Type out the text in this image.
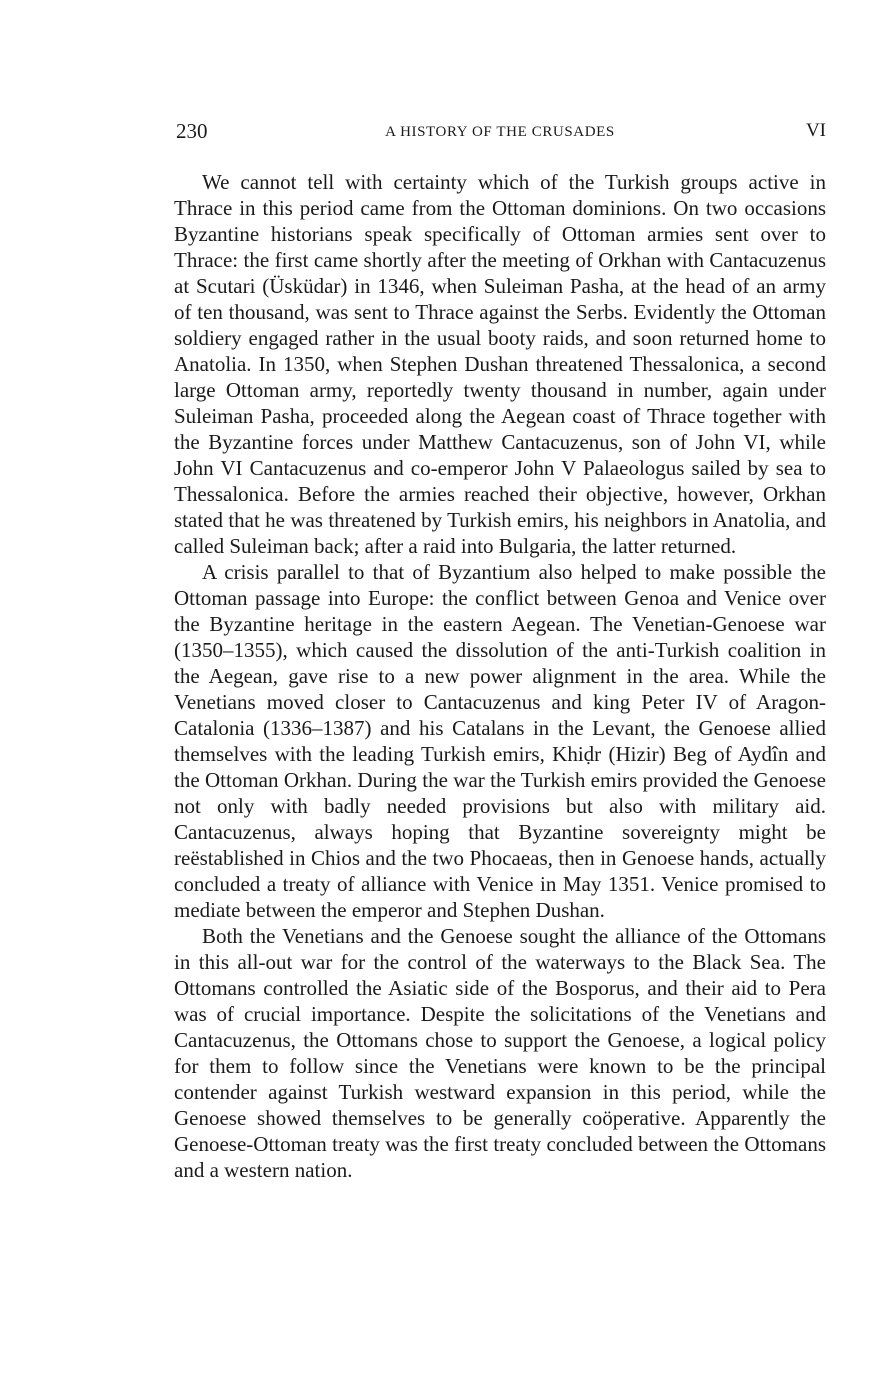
230	A HISTORY OF THE CRUSADES	VI

We cannot tell with certainty which of the Turkish groups active in Thrace in this period came from the Ottoman dominions. On two occasions Byzantine historians speak specifically of Ottoman armies sent over to Thrace: the first came shortly after the meeting of Orkhan with Cantacuzenus at Scutari (Üsküdar) in 1346, when Suleiman Pasha, at the head of an army of ten thousand, was sent to Thrace against the Serbs. Evidently the Ottoman soldiery engaged rather in the usual booty raids, and soon returned home to Anatolia. In 1350, when Stephen Dushan threatened Thessalonica, a second large Ottoman army, reportedly twenty thousand in number, again under Suleiman Pasha, proceeded along the Aegean coast of Thrace together with the Byzantine forces under Matthew Cantacuzenus, son of John VI, while John VI Cantacuzenus and co-emperor John V Palaeologus sailed by sea to Thessalonica. Before the armies reached their objective, however, Orkhan stated that he was threatened by Turkish emirs, his neighbors in Anatolia, and called Suleiman back; after a raid into Bulgaria, the latter returned.

A crisis parallel to that of Byzantium also helped to make possible the Ottoman passage into Europe: the conflict between Genoa and Venice over the Byzantine heritage in the eastern Aegean. The Venetian-Genoese war (1350–1355), which caused the dissolution of the anti-Turkish coalition in the Aegean, gave rise to a new power alignment in the area. While the Venetians moved closer to Cantacuzenus and king Peter IV of Aragon-Catalonia (1336–1387) and his Catalans in the Levant, the Genoese allied themselves with the leading Turkish emirs, Khiḍr (Hizir) Beg of Aydîn and the Ottoman Orkhan. During the war the Turkish emirs provided the Genoese not only with badly needed provisions but also with military aid. Cantacuzenus, always hoping that Byzantine sovereignty might be reëstablished in Chios and the two Phocaeas, then in Genoese hands, actually concluded a treaty of alliance with Venice in May 1351. Venice promised to mediate between the emperor and Stephen Dushan.

Both the Venetians and the Genoese sought the alliance of the Ottomans in this all-out war for the control of the waterways to the Black Sea. The Ottomans controlled the Asiatic side of the Bosporus, and their aid to Pera was of crucial importance. Despite the solicitations of the Venetians and Cantacuzenus, the Ottomans chose to support the Genoese, a logical policy for them to follow since the Venetians were known to be the principal contender against Turkish westward expansion in this period, while the Genoese showed themselves to be generally coöperative. Apparently the Genoese-Ottoman treaty was the first treaty concluded between the Ottomans and a western nation.
